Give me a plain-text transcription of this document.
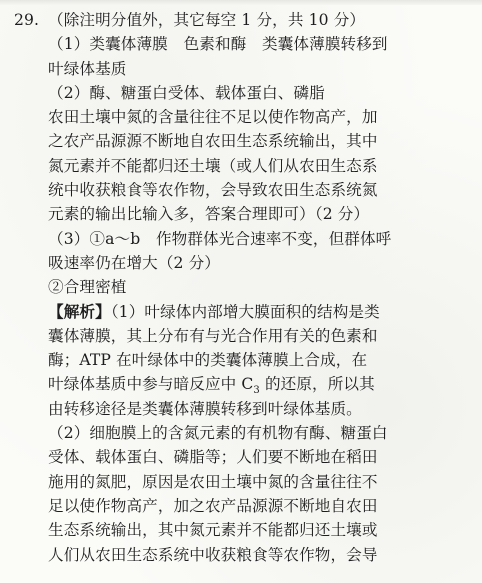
29. （除注明分值外，其它每空 1 分，共 10 分）
（1）类囊体薄膜　色素和酶　类囊体薄膜转移到
叶绿体基质
（2）酶、糖蛋白受体、载体蛋白、磷脂
农田土壤中氮的含量往往不足以使作物高产，加
之农产品源源不断地自农田生态系统输出，其中
氮元素并不能都归还土壤（或人们从农田生态系
统中收获粮食等农作物，会导致农田生态系统氮
元素的输出比输入多，答案合理即可）（2 分）
（3）①a～b　作物群体光合速率不变，但群体呼
吸速率仍在增大（2 分）
②合理密植
【解析】（1）叶绿体内部增大膜面积的结构是类
囊体薄膜，其上分布有与光合作用有关的色素和
酶；ATP 在叶绿体中的类囊体薄膜上合成，在
叶绿体基质中参与暗反应中 $C_3$ 的还原，所以其
由转移途径是类囊体薄膜转移到叶绿体基质。
（2）细胞膜上的含氮元素的有机物有酶、糖蛋白
受体、载体蛋白、磷脂等；人们要不断地在稻田
施用的氮肥，原因是农田土壤中氮的含量往往不
足以使作物高产，加之农产品源源不断地自农田
生态系统输出，其中氮元素并不能都归还土壤或
人们从农田生态系统中收获粮食等农作物，会导
